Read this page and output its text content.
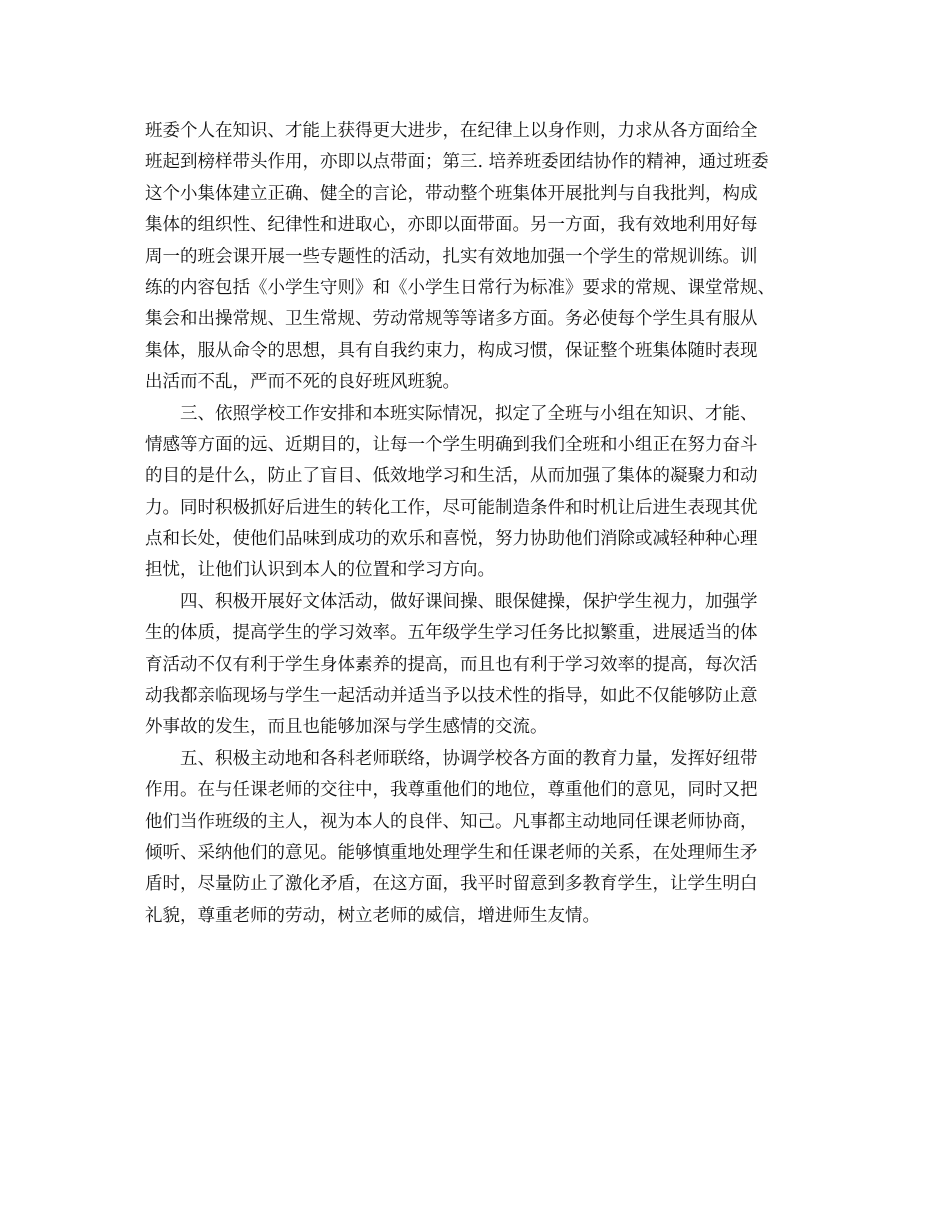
班委个人在知识、才能上获得更大进步，在纪律上以身作则，力求从各方面给全
班起到榜样带头作用，亦即以点带面；第三. 培养班委团结协作的精神，通过班委
这个小集体建立正确、健全的言论，带动整个班集体开展批判与自我批判，构成
集体的组织性、纪律性和进取心，亦即以面带面。另一方面，我有效地利用好每
周一的班会课开展一些专题性的活动，扎实有效地加强一个学生的常规训练。训
练的内容包括《小学生守则》和《小学生日常行为标准》要求的常规、课堂常规、
集会和出操常规、卫生常规、劳动常规等等诸多方面。务必使每个学生具有服从
集体，服从命令的思想，具有自我约束力，构成习惯，保证整个班集体随时表现
出活而不乱，严而不死的良好班风班貌。
三、依照学校工作安排和本班实际情况，拟定了全班与小组在知识、才能、
情感等方面的远、近期目的，让每一个学生明确到我们全班和小组正在努力奋斗
的目的是什么，防止了盲目、低效地学习和生活，从而加强了集体的凝聚力和动
力。同时积极抓好后进生的转化工作，尽可能制造条件和时机让后进生表现其优
点和长处，使他们品味到成功的欢乐和喜悦，努力协助他们消除或减轻种种心理
担忧，让他们认识到本人的位置和学习方向。
四、积极开展好文体活动，做好课间操、眼保健操，保护学生视力，加强学
生的体质，提高学生的学习效率。五年级学生学习任务比拟繁重，进展适当的体
育活动不仅有利于学生身体素养的提高，而且也有利于学习效率的提高，每次活
动我都亲临现场与学生一起活动并适当予以技术性的指导，如此不仅能够防止意
外事故的发生，而且也能够加深与学生感情的交流。
五、积极主动地和各科老师联络，协调学校各方面的教育力量，发挥好纽带
作用。在与任课老师的交往中，我尊重他们的地位，尊重他们的意见，同时又把
他们当作班级的主人，视为本人的良伴、知己。凡事都主动地同任课老师协商，
倾听、采纳他们的意见。能够慎重地处理学生和任课老师的关系，在处理师生矛
盾时，尽量防止了激化矛盾，在这方面，我平时留意到多教育学生，让学生明白
礼貌，尊重老师的劳动，树立老师的威信，增进师生友情。
